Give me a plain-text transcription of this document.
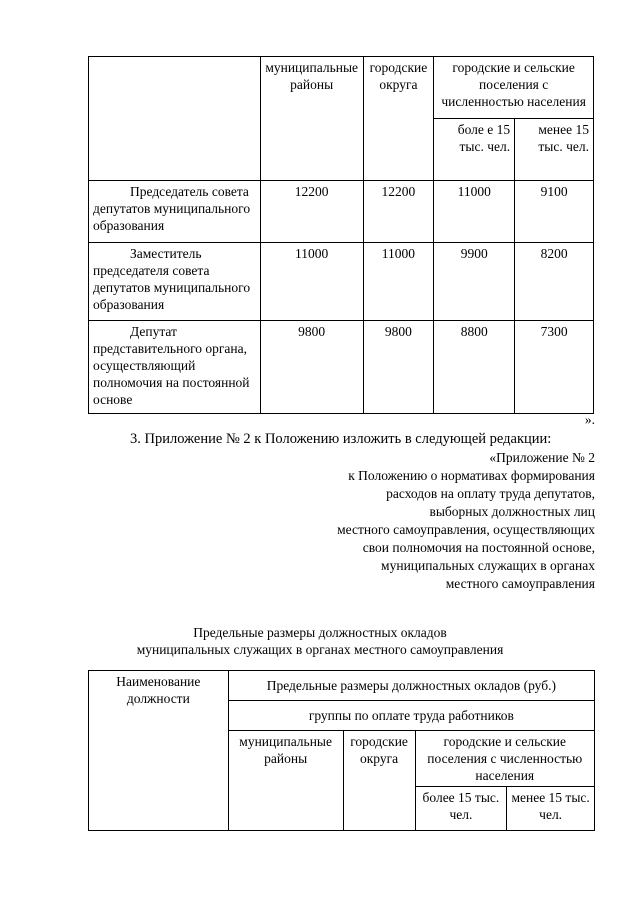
	муниципальные районы	городские округа	городские и сельские поселения с численностью населения	
			боле е 15 тыс. чел.	менее 15 тыс. чел.
Председатель совета депутатов муниципального образования	12200	12200	11000	9100
Заместитель председателя совета депутатов муниципального образования	11000	11000	9900	8200
Депутат представительного органа, осуществляющий полномочия на постоянной основе	9800	9800	8800	7300
».
3. Приложение № 2 к Положению изложить в следующей редакции:
«Приложение № 2
к Положению о нормативах формирования
расходов на оплату труда депутатов,
выборных должностных лиц
местного самоуправления, осуществляющих
свои полномочия на постоянной основе,
муниципальных служащих в органах
местного самоуправления
Предельные размеры должностных окладов
муниципальных служащих в органах местного самоуправления
Наименование должности	Предельные размеры должностных окладов (руб.)			
	группы по оплате труда работников			
	муниципальные районы	городские округа	городские и сельские поселения с численностью населения	
			более 15 тыс. чел.	менее 15 тыс. чел.
